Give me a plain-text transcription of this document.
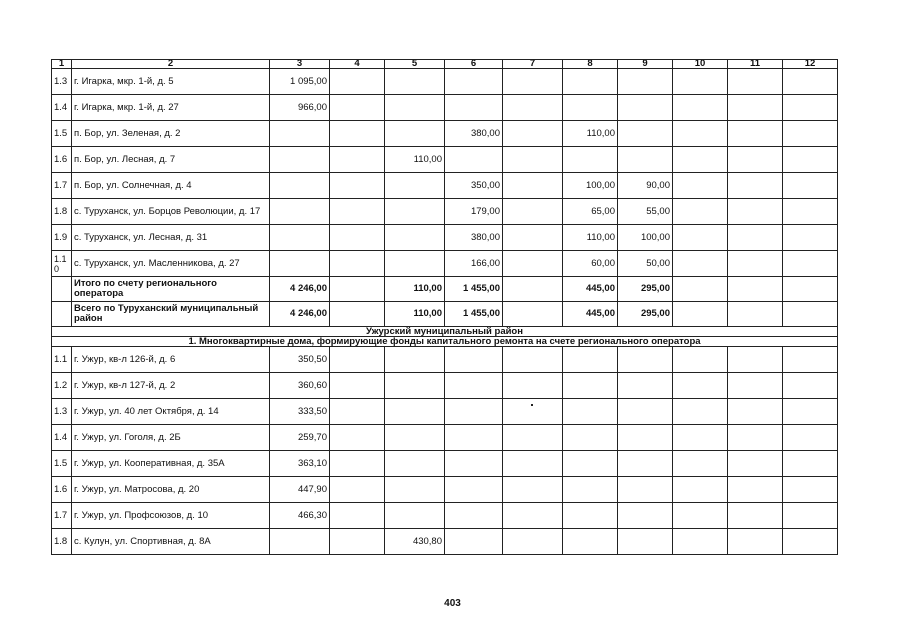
1	2	3	4	5	6	7	8	9	10	11	12
1.3	г. Игарка, мкр. 1-й, д. 5	1 095,00									
1.4	г. Игарка, мкр. 1-й, д. 27	966,00									
1.5	п. Бор, ул. Зеленая, д. 2				380,00		110,00				
1.6	п. Бор, ул. Лесная, д. 7			110,00							
1.7	п. Бор, ул. Солнечная, д. 4				350,00		100,00	90,00			
1.8	с. Туруханск, ул. Борцов Революции, д. 17				179,00		65,00	55,00			
1.9	с. Туруханск, ул. Лесная, д. 31				380,00		110,00	100,00			
1.1 0	с. Туруханск, ул. Масленникова, д. 27				166,00		60,00	50,00			
	Итого по счету регионального оператора	4 246,00		110,00	1 455,00		445,00	295,00			
	Всего по Туруханский муниципальный район	4 246,00		110,00	1 455,00		445,00	295,00			
Ужурский муниципальный район											
1. Многоквартирные дома, формирующие фонды капитального ремонта на счете регионального оператора											
1.1	г. Ужур, кв-л 126-й, д. 6	350,50									
1.2	г. Ужур, кв-л 127-й, д. 2	360,60									
1.3	г. Ужур, ул. 40 лет Октября, д. 14	333,50									
1.4	г. Ужур, ул. Гоголя, д. 2Б	259,70									
1.5	г. Ужур, ул. Кооперативная, д. 35А	363,10									
1.6	г. Ужур, ул. Матросова, д. 20	447,90									
1.7	г. Ужур, ул. Профсоюзов, д. 10	466,30									
1.8	с. Кулун, ул. Спортивная, д. 8А			430,80							
403
